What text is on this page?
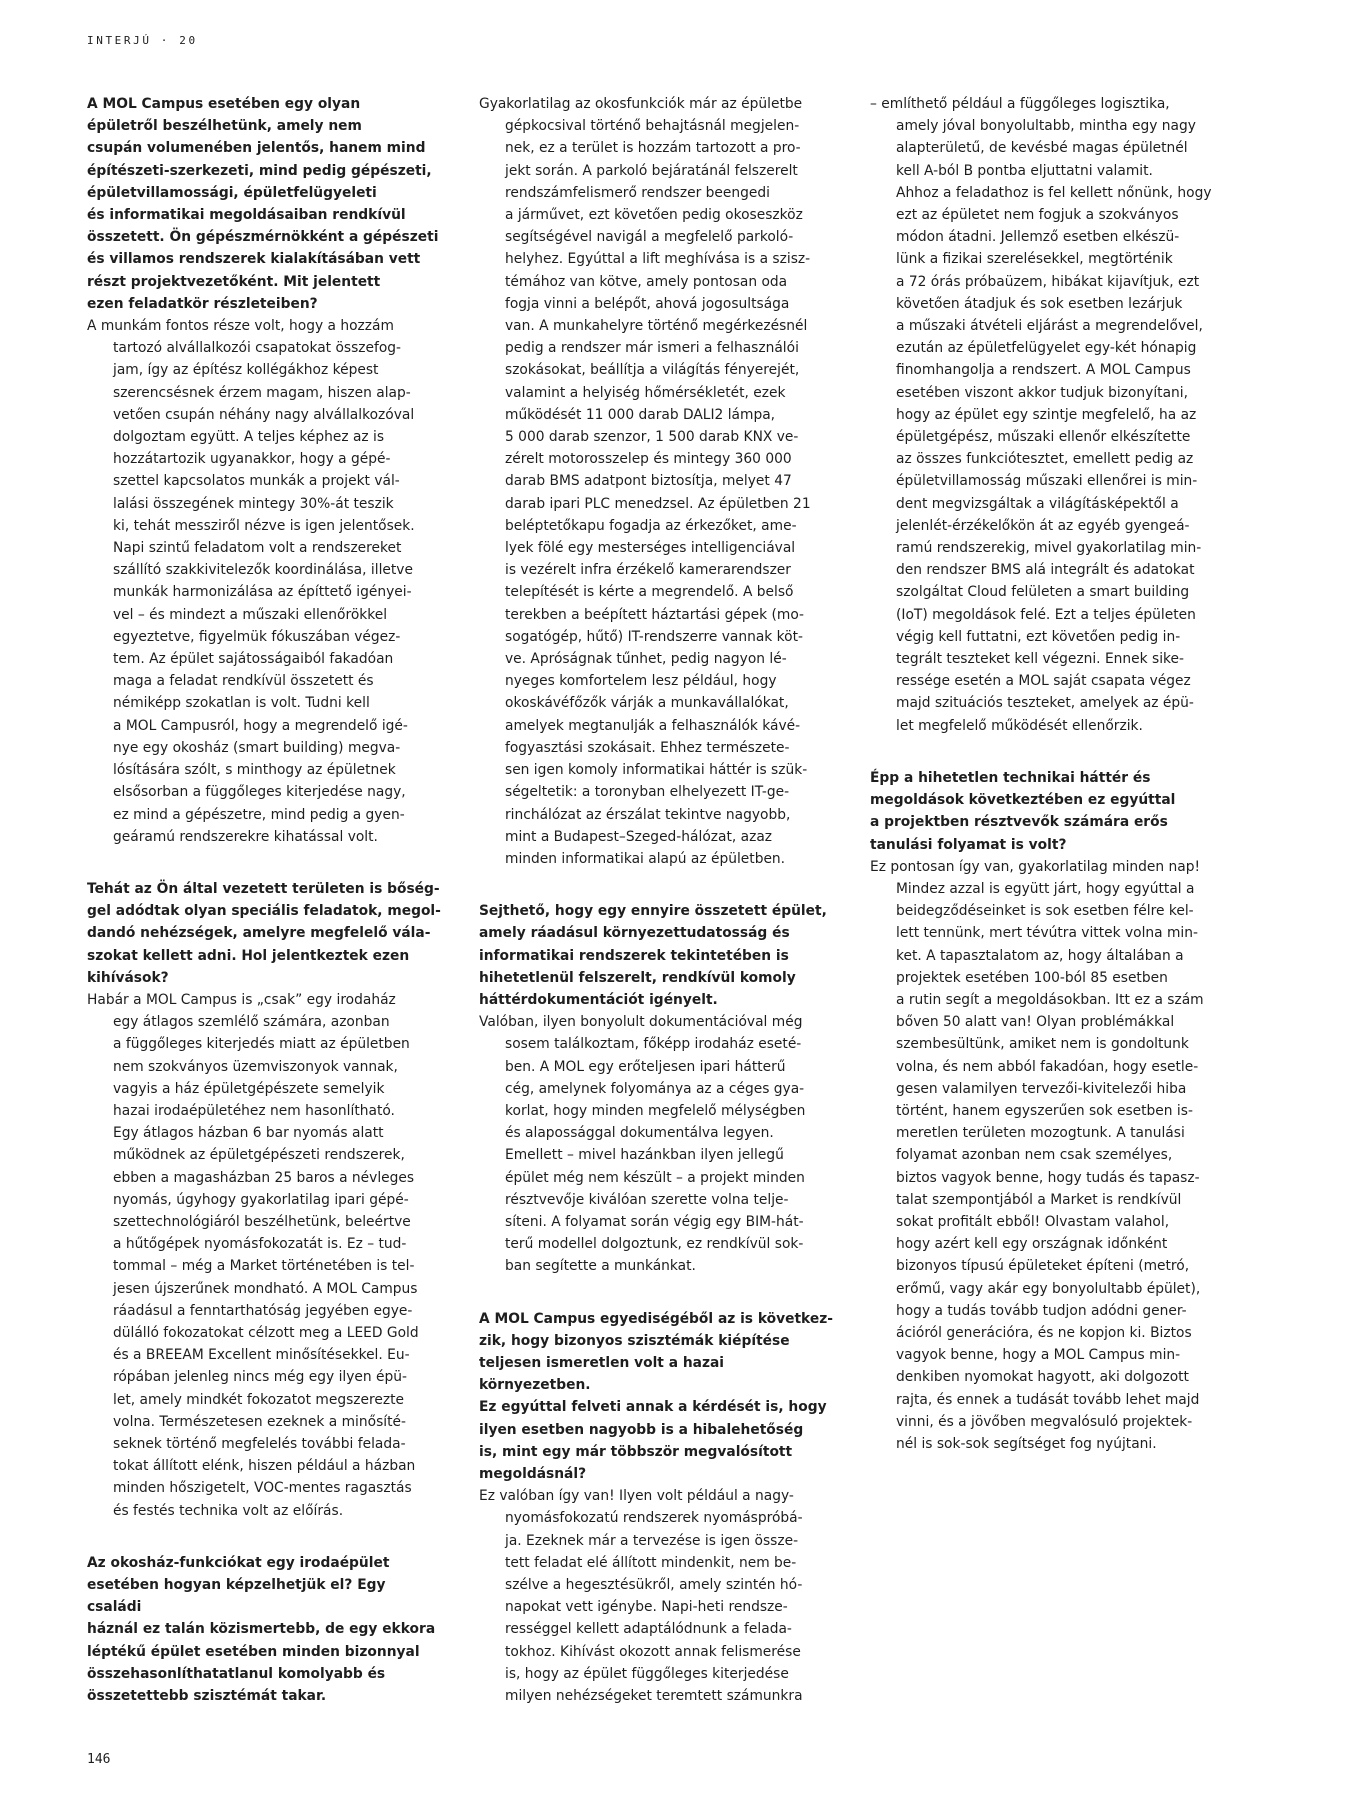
INTERJÚ · 20

A MOL Campus esetében egy olyan
épületről beszélhetünk, amely nem
csupán volumenében jelentős, hanem mind
építészeti-szerkezeti, mind pedig gépészeti,
épületvillamossági, épületfelügyeleti
és informatikai megoldásaiban rendkívül
összetett. Ön gépészmérnökként a gépészeti
és villamos rendszerek kialakításában vett
részt projektvezetőként. Mit jelentett
ezen feladatkör részleteiben?

A munkám fontos része volt, hogy a hozzám
tartozó alvállalkozói csapatokat összefog-
jam, így az építész kollégákhoz képest
szerencsésnek érzem magam, hiszen alap-
vetően csupán néhány nagy alvállalkozóval
dolgoztam együtt. A teljes képhez az is
hozzátartozik ugyanakkor, hogy a gépé-
szettel kapcsolatos munkák a projekt vál-
lalási összegének mintegy 30%-át teszik
ki, tehát messziről nézve is igen jelentősek.
Napi szintű feladatom volt a rendszereket
szállító szakkivitelezők koordinálása, illetve
munkák harmonizálása az építtető igényei-
vel – és mindezt a műszaki ellenőrökkel
egyeztetve, figyelmük fókuszában végez-
tem. Az épület sajátosságaiból fakadóan
maga a feladat rendkívül összetett és
némiképp szokatlan is volt. Tudni kell
a MOL Campusról, hogy a megrendelő igé-
nye egy okosház (smart building) megva-
lósítására szólt, s minthogy az épületnek
elsősorban a függőleges kiterjedése nagy,
ez mind a gépészetre, mind pedig a gyen-
geáramú rendszerekre kihatással volt.

Tehát az Ön által vezetett területen is bőség-
gel adódtak olyan speciális feladatok, megol-
dandó nehézségek, amelyre megfelelő vála-
szokat kellett adni. Hol jelentkeztek ezen
kihívások?

Habár a MOL Campus is „csak” egy irodaház
egy átlagos szemlélő számára, azonban
a függőleges kiterjedés miatt az épületben
nem szokványos üzemviszonyok vannak,
vagyis a ház épületgépészete semelyik
hazai irodaépületéhez nem hasonlítható.
Egy átlagos házban 6 bar nyomás alatt
működnek az épületgépészeti rendszerek,
ebben a magasházban 25 baros a névleges
nyomás, úgyhogy gyakorlatilag ipari gépé-
szettechnológiáról beszélhetünk, beleértve
a hűtőgépek nyomásfokozatát is. Ez – tud-
tommal – még a Market történetében is tel-
jesen újszerűnek mondható. A MOL Campus
ráadásul a fenntarthatóság jegyében egye-
dülálló fokozatokat célzott meg a LEED Gold
és a BREEAM Excellent minősítésekkel. Eu-
rópában jelenleg nincs még egy ilyen épü-
let, amely mindkét fokozatot megszerezte
volna. Természetesen ezeknek a minősíté-
seknek történő megfelelés további felada-
tokat állított elénk, hiszen például a házban
minden hőszigetelt, VOC-mentes ragasztás
és festés technika volt az előírás.

Az okosház-funkciókat egy irodaépület
esetében hogyan képzelhetjük el? Egy családi
háznál ez talán közismertebb, de egy ekkora
léptékű épület esetében minden bizonnyal
összehasonlíthatatlanul komolyabb és
összetettebb szisztémát takar.

Gyakorlatilag az okosfunkciók már az épületbe
gépkocsival történő behajtásnál megjelen-
nek, ez a terület is hozzám tartozott a pro-
jekt során. A parkoló bejáratánál felszerelt
rendszámfelismerő rendszer beengedi
a járművet, ezt követően pedig okoseszköz
segítségével navigál a megfelelő parkoló-
helyhez. Egyúttal a lift meghívása is a szisz-
témához van kötve, amely pontosan oda
fogja vinni a belépőt, ahová jogosultsága
van. A munkahelyre történő megérkezésnél
pedig a rendszer már ismeri a felhasználói
szokásokat, beállítja a világítás fényerejét,
valamint a helyiség hőmérsékletét, ezek
működését 11 000 darab DALI2 lámpa,
5 000 darab szenzor, 1 500 darab KNX ve-
zérelt motorosszelep és mintegy 360 000
darab BMS adatpont biztosítja, melyet 47
darab ipari PLC menedzsel. Az épületben 21
beléptetőkapu fogadja az érkezőket, ame-
lyek fölé egy mesterséges intelligenciával
is vezérelt infra érzékelő kamerarendszer
telepítését is kérte a megrendelő. A belső
terekben a beépített háztartási gépek (mo-
sogatógép, hűtő) IT-rendszerre vannak köt-
ve. Apróságnak tűnhet, pedig nagyon lé-
nyeges komfortelem lesz például, hogy
okoskávéfőzők várják a munkavállalókat,
amelyek megtanulják a felhasználók kávé-
fogyasztási szokásait. Ehhez természete-
sen igen komoly informatikai háttér is szük-
ségeltetik: a toronyban elhelyezett IT-ge-
rinchálózat az érszálat tekintve nagyobb,
mint a Budapest–Szeged-hálózat, azaz
minden informatikai alapú az épületben.

Sejthető, hogy egy ennyire összetett épület,
amely ráadásul környezettudatosság és
informatikai rendszerek tekintetében is
hihetetlenül felszerelt, rendkívül komoly
háttérdokumentációt igényelt.

Valóban, ilyen bonyolult dokumentációval még
sosem találkoztam, főképp irodaház eseté-
ben. A MOL egy erőteljesen ipari hátterű
cég, amelynek folyománya az a céges gya-
korlat, hogy minden megfelelő mélységben
és alapossággal dokumentálva legyen.
Emellett – mivel hazánkban ilyen jellegű
épület még nem készült – a projekt minden
résztvevője kiválóan szerette volna telje-
síteni. A folyamat során végig egy BIM-hát-
terű modellel dolgoztunk, ez rendkívül sok-
ban segítette a munkánkat.

A MOL Campus egyediségéből az is következ-
zik, hogy bizonyos szisztémák kiépítése
teljesen ismeretlen volt a hazai környezetben.
Ez egyúttal felveti annak a kérdését is, hogy
ilyen esetben nagyobb is a hibalehetőség
is, mint egy már többször megvalósított
megoldásnál?

Ez valóban így van! Ilyen volt például a nagy-
nyomásfokozatú rendszerek nyomáspróbá-
ja. Ezeknek már a tervezése is igen össze-
tett feladat elé állított mindenkit, nem be-
szélve a hegesztésükről, amely szintén hó-
napokat vett igénybe. Napi-heti rendsze-
rességgel kellett adaptálódnunk a felada-
tokhoz. Kihívást okozott annak felismerése
is, hogy az épület függőleges kiterjedése
milyen nehézségeket teremtett számunkra

– említhető például a függőleges logisztika,
amely jóval bonyolultabb, mintha egy nagy
alapterületű, de kevésbé magas épületnél
kell A-ból B pontba eljuttatni valamit.
Ahhoz a feladathoz is fel kellett nőnünk, hogy
ezt az épületet nem fogjuk a szokványos
módon átadni. Jellemző esetben elkészü-
lünk a fizikai szerelésekkel, megtörténik
a 72 órás próbaüzem, hibákat kijavítjuk, ezt
követően átadjuk és sok esetben lezárjuk
a műszaki átvételi eljárást a megrendelővel,
ezután az épületfelügyelet egy-két hónapig
finomhangolja a rendszert. A MOL Campus
esetében viszont akkor tudjuk bizonyítani,
hogy az épület egy szintje megfelelő, ha az
épületgépész, műszaki ellenőr elkészítette
az összes funkciótesztet, emellett pedig az
épületvillamosság műszaki ellenőrei is min-
dent megvizsgáltak a világításképektől a
jelenlét-érzékelőkön át az egyéb gyengeá-
ramú rendszerekig, mivel gyakorlatilag min-
den rendszer BMS alá integrált és adatokat
szolgáltat Cloud felületen a smart building
(IoT) megoldások felé. Ezt a teljes épületen
végig kell futtatni, ezt követően pedig in-
tegrált teszteket kell végezni. Ennek sike-
ressége esetén a MOL saját csapata végez
majd szituációs teszteket, amelyek az épü-
let megfelelő működését ellenőrzik.

Épp a hihetetlen technikai háttér és
megoldások következtében ez egyúttal
a projektben résztvevők számára erős
tanulási folyamat is volt?

Ez pontosan így van, gyakorlatilag minden nap!
Mindez azzal is együtt járt, hogy egyúttal a
beidegződéseinket is sok esetben félre kel-
lett tennünk, mert tévútra vittek volna min-
ket. A tapasztalatom az, hogy általában a
projektek esetében 100-ból 85 esetben
a rutin segít a megoldásokban. Itt ez a szám
bőven 50 alatt van! Olyan problémákkal
szembesültünk, amiket nem is gondoltunk
volna, és nem abból fakadóan, hogy esetle-
gesen valamilyen tervezői-kivitelezői hiba
történt, hanem egyszerűen sok esetben is-
meretlen területen mozogtunk. A tanulási
folyamat azonban nem csak személyes,
biztos vagyok benne, hogy tudás és tapasz-
talat szempontjából a Market is rendkívül
sokat profitált ebből! Olvastam valahol,
hogy azért kell egy országnak időnként
bizonyos típusú épületeket építeni (metró,
erőmű, vagy akár egy bonyolultabb épület),
hogy a tudás tovább tudjon adódni gener-
ációról generációra, és ne kopjon ki. Biztos
vagyok benne, hogy a MOL Campus min-
denkiben nyomokat hagyott, aki dolgozott
rajta, és ennek a tudását tovább lehet majd
vinni, és a jövőben megvalósuló projektek-
nél is sok-sok segítséget fog nyújtani.

146
